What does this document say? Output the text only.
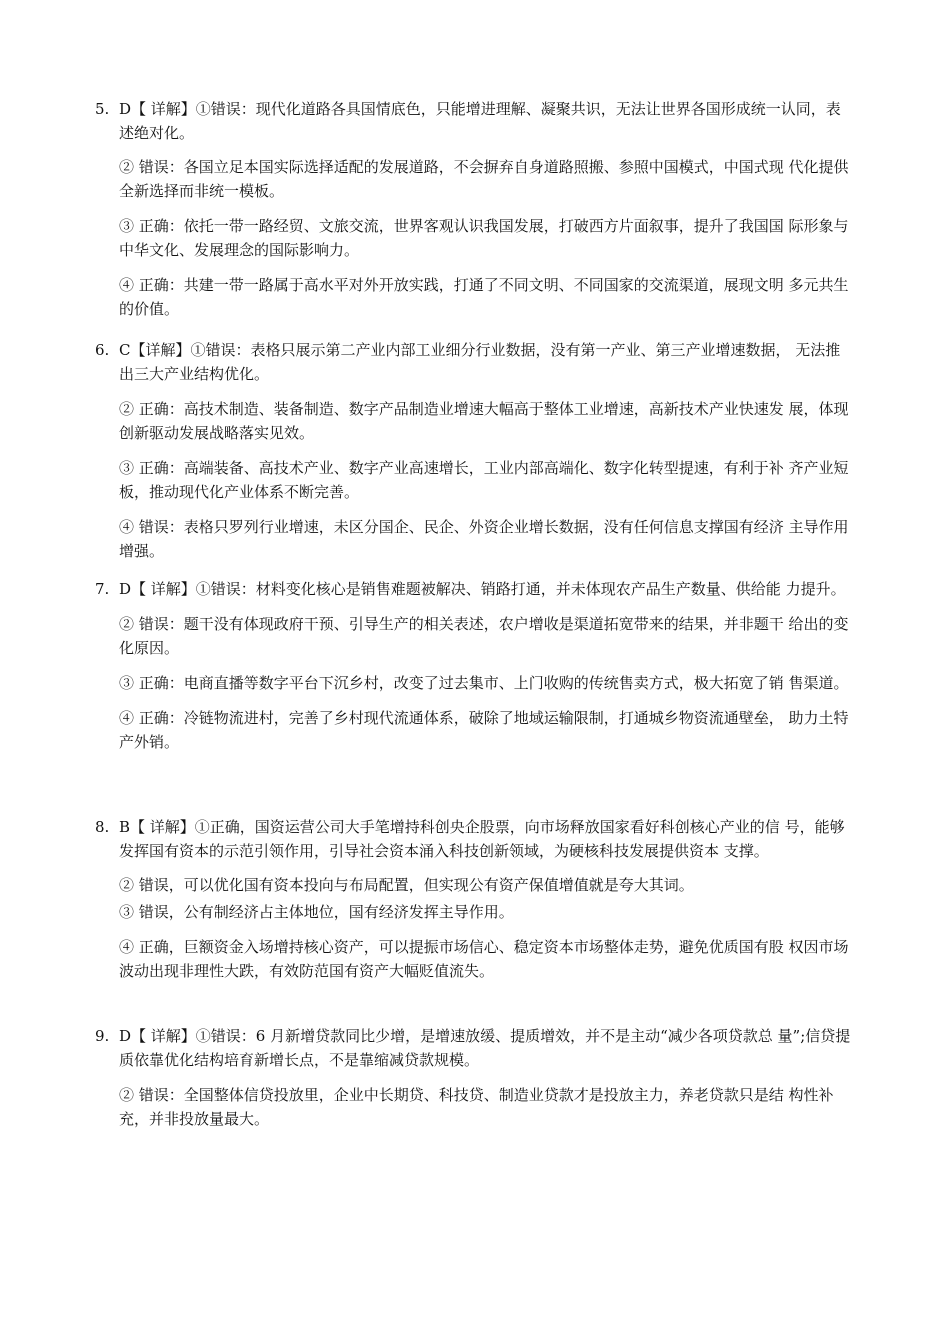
5. D【 详解】①错误：现代化道路各具国情底色，只能增进理解、凝聚共识，无法让世界各国形成统一认同，表述绝对化。

② 错误：各国立足本国实际选择适配的发展道路，不会摒弃自身道路照搬、参照中国模式，中国式现 代化提供全新选择而非统一模板。

③ 正确：依托一带一路经贸、文旅交流，世界客观认识我国发展，打破西方片面叙事，提升了我国国 际形象与中华文化、发展理念的国际影响力。

④ 正确：共建一带一路属于高水平对外开放实践，打通了不同文明、不同国家的交流渠道，展现文明 多元共生的价值。

6. C【详解】①错误：表格只展示第二产业内部工业细分行业数据，没有第一产业、第三产业增速数据， 无法推出三大产业结构优化。

② 正确：高技术制造、装备制造、数字产品制造业增速大幅高于整体工业增速，高新技术产业快速发 展，体现创新驱动发展战略落实见效。

③ 正确：高端装备、高技术产业、数字产业高速增长，工业内部高端化、数字化转型提速，有利于补 齐产业短板，推动现代化产业体系不断完善。

④ 错误：表格只罗列行业增速，未区分国企、民企、外资企业增长数据，没有任何信息支撑国有经济 主导作用增强。

7. D【 详解】①错误：材料变化核心是销售难题被解决、销路打通，并未体现农产品生产数量、供给能 力提升。

② 错误：题干没有体现政府干预、引导生产的相关表述，农户增收是渠道拓宽带来的结果，并非题干 给出的变化原因。

③ 正确：电商直播等数字平台下沉乡村，改变了过去集市、上门收购的传统售卖方式，极大拓宽了销 售渠道。

④ 正确：冷链物流进村，完善了乡村现代流通体系，破除了地域运输限制，打通城乡物资流通壁垒， 助力土特产外销。

8. B【 详解】①正确，国资运营公司大手笔增持科创央企股票，向市场释放国家看好科创核心产业的信 号，能够发挥国有资本的示范引领作用，引导社会资本涌入科技创新领域，为硬核科技发展提供资本 支撑。

② 错误，可以优化国有资本投向与布局配置，但实现公有资产保值增值就是夸大其词。

③ 错误，公有制经济占主体地位，国有经济发挥主导作用。

④ 正确，巨额资金入场增持核心资产，可以提振市场信心、稳定资本市场整体走势，避免优质国有股 权因市场波动出现非理性大跌，有效防范国有资产大幅贬值流失。

9. D【 详解】①错误：6 月新增贷款同比少增，是增速放缓、提质增效，并不是主动“减少各项贷款总 量”;信贷提质依靠优化结构培育新增长点，不是靠缩减贷款规模。

② 错误：全国整体信贷投放里，企业中长期贷、科技贷、制造业贷款才是投放主力，养老贷款只是结 构性补充，并非投放量最大。
